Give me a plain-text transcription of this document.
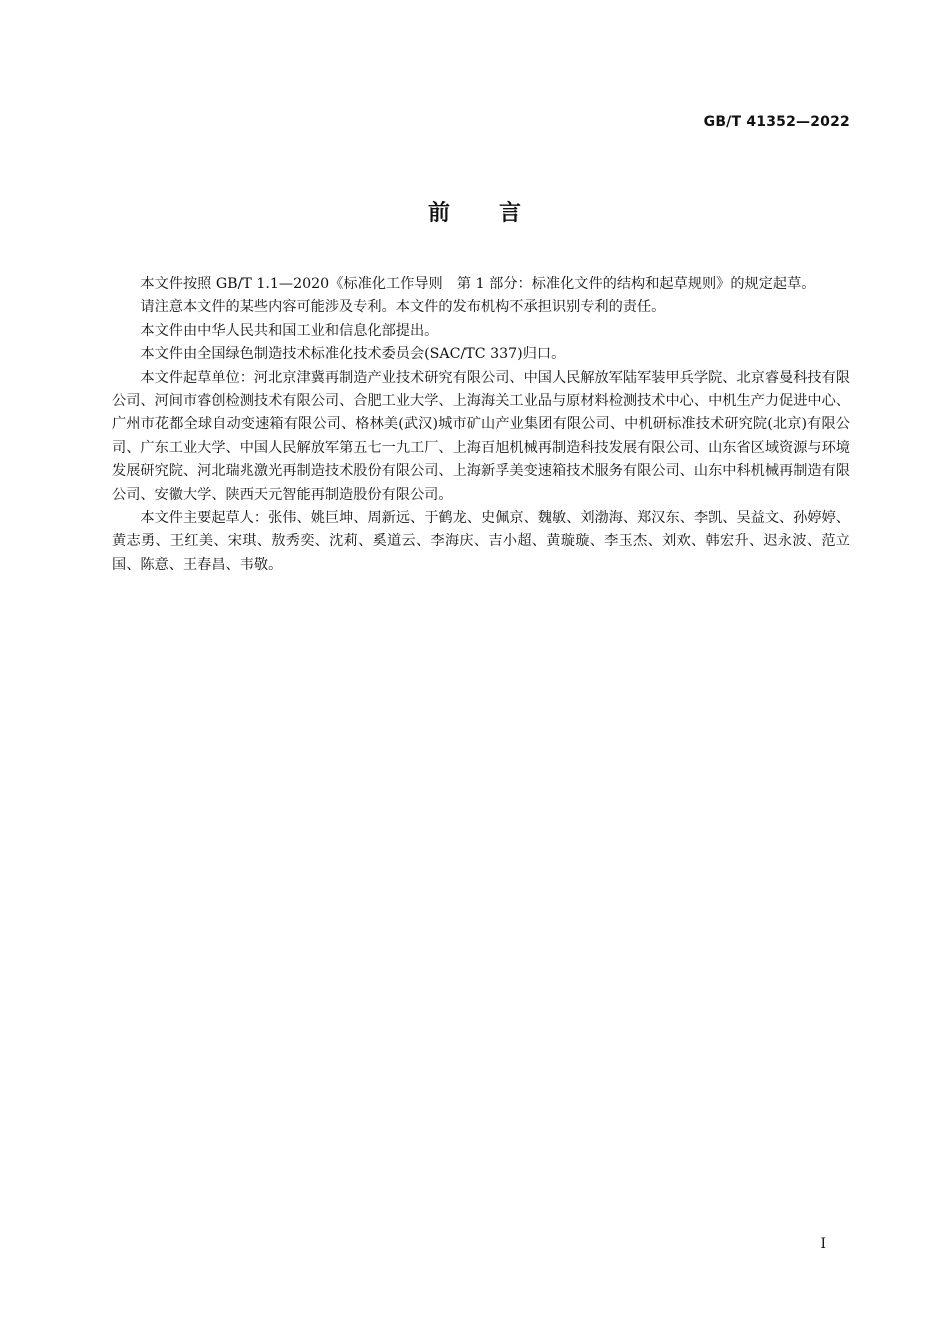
GB/T 41352—2022
前 言

本文件按照 GB/T 1.1—2020《标准化工作导则　第 1 部分：标准化文件的结构和起草规则》的规定起草。

请注意本文件的某些内容可能涉及专利。本文件的发布机构不承担识别专利的责任。

本文件由中华人民共和国工业和信息化部提出。

本文件由全国绿色制造技术标准化技术委员会(SAC/TC 337)归口。

本文件起草单位：河北京津冀再制造产业技术研究有限公司、中国人民解放军陆军装甲兵学院、北京睿曼科技有限公司、河间市睿创检测技术有限公司、合肥工业大学、上海海关工业品与原材料检测技术中心、中机生产力促进中心、广州市花都全球自动变速箱有限公司、格林美(武汉)城市矿山产业集团有限公司、中机研标准技术研究院(北京)有限公司、广东工业大学、中国人民解放军第五七一九工厂、上海百旭机械再制造科技发展有限公司、山东省区域资源与环境发展研究院、河北瑞兆激光再制造技术股份有限公司、上海新孚美变速箱技术服务有限公司、山东中科机械再制造有限公司、安徽大学、陕西天元智能再制造股份有限公司。

本文件主要起草人：张伟、姚巨坤、周新远、于鹤龙、史佩京、魏敏、刘渤海、郑汉东、李凯、吴益文、孙婷婷、黄志勇、王红美、宋琪、敖秀奕、沈莉、奚道云、李海庆、吉小超、黄璇璇、李玉杰、刘欢、韩宏升、迟永波、范立国、陈意、王春昌、韦敬。

I
